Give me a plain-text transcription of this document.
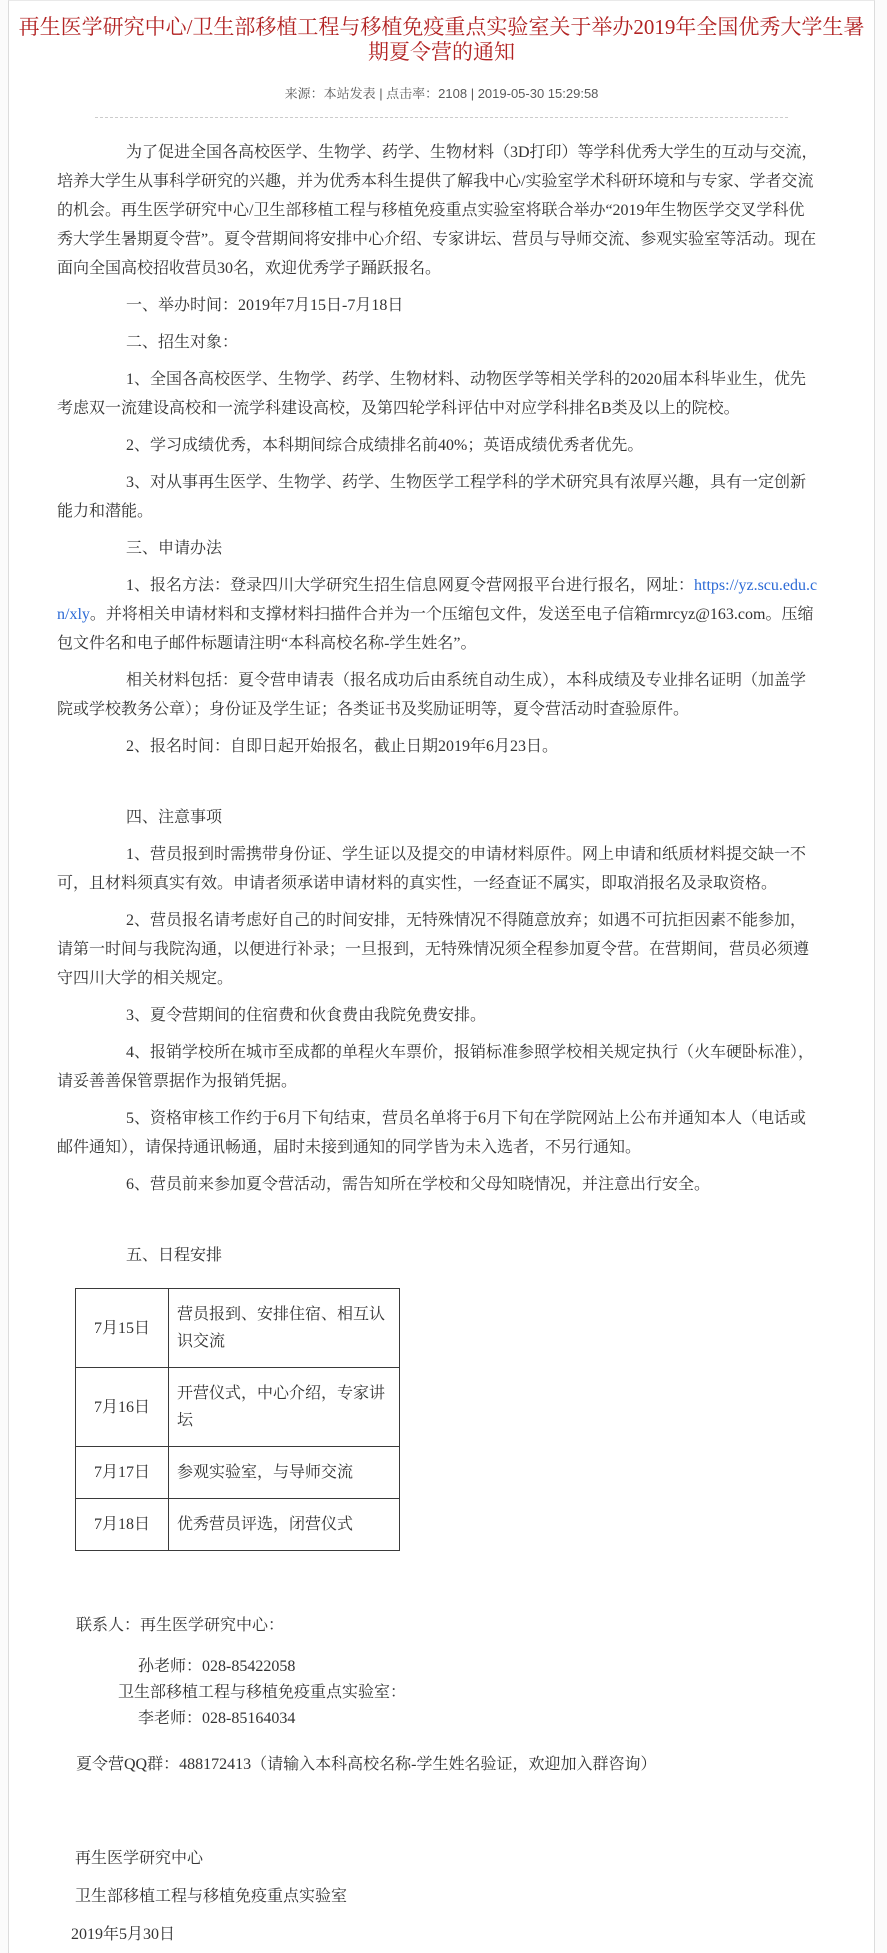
再生医学研究中心/卫生部移植工程与移植免疫重点实验室关于举办2019年全国优秀大学生暑期夏令营的通知
来源：本站发表 | 点击率：2108 | 2019-05-30 15:29:58

为了促进全国各高校医学、生物学、药学、生物材料（3D打印）等学科优秀大学生的互动与交流，培养大学生从事科学研究的兴趣，并为优秀本科生提供了解我中心/实验室学术科研环境和与专家、学者交流的机会。再生医学研究中心/卫生部移植工程与移植免疫重点实验室将联合举办“2019年生物医学交叉学科优秀大学生暑期夏令营”。夏令营期间将安排中心介绍、专家讲坛、营员与导师交流、参观实验室等活动。现在面向全国高校招收营员30名，欢迎优秀学子踊跃报名。

一、举办时间：2019年7月15日-7月18日

二、招生对象：

1、全国各高校医学、生物学、药学、生物材料、动物医学等相关学科的2020届本科毕业生，优先考虑双一流建设高校和一流学科建设高校，及第四轮学科评估中对应学科排名B类及以上的院校。

2、学习成绩优秀，本科期间综合成绩排名前40%；英语成绩优秀者优先。

3、对从事再生医学、生物学、药学、生物医学工程学科的学术研究具有浓厚兴趣，具有一定创新能力和潜能。

三、申请办法

1、报名方法：登录四川大学研究生招生信息网夏令营网报平台进行报名，网址：https://yz.scu.edu.cn/xly。并将相关申请材料和支撑材料扫描件合并为一个压缩包文件，发送至电子信箱rmrcyz@163.com。压缩包文件名和电子邮件标题请注明“本科高校名称-学生姓名”。

相关材料包括：夏令营申请表（报名成功后由系统自动生成），本科成绩及专业排名证明（加盖学院或学校教务公章）；身份证及学生证；各类证书及奖励证明等，夏令营活动时查验原件。

2、报名时间：自即日起开始报名，截止日期2019年6月23日。

四、注意事项

1、营员报到时需携带身份证、学生证以及提交的申请材料原件。网上申请和纸质材料提交缺一不可，且材料须真实有效。申请者须承诺申请材料的真实性，一经查证不属实，即取消报名及录取资格。

2、营员报名请考虑好自己的时间安排，无特殊情况不得随意放弃；如遇不可抗拒因素不能参加，请第一时间与我院沟通，以便进行补录；一旦报到，无特殊情况须全程参加夏令营。在营期间，营员必须遵守四川大学的相关规定。

3、夏令营期间的住宿费和伙食费由我院免费安排。

4、报销学校所在城市至成都的单程火车票价，报销标准参照学校相关规定执行（火车硬卧标准），请妥善善保管票据作为报销凭据。

5、资格审核工作约于6月下旬结束，营员名单将于6月下旬在学院网站上公布并通知本人（电话或邮件通知），请保持通讯畅通，届时未接到通知的同学皆为未入选者，不另行通知。

6、营员前来参加夏令营活动，需告知所在学校和父母知晓情况，并注意出行安全。

五、日程安排

7月15日	营员报到、安排住宿、相互认识交流
7月16日	开营仪式，中心介绍，专家讲坛
7月17日	参观实验室，与导师交流
7月18日	优秀营员评选，闭营仪式

联系人：再生医学研究中心：

孙老师：028-85422058

卫生部移植工程与移植免疫重点实验室：

李老师：028-85164034

夏令营QQ群：488172413（请输入本科高校名称-学生姓名验证，欢迎加入群咨询）

再生医学研究中心

卫生部移植工程与移植免疫重点实验室

2019年5月30日
